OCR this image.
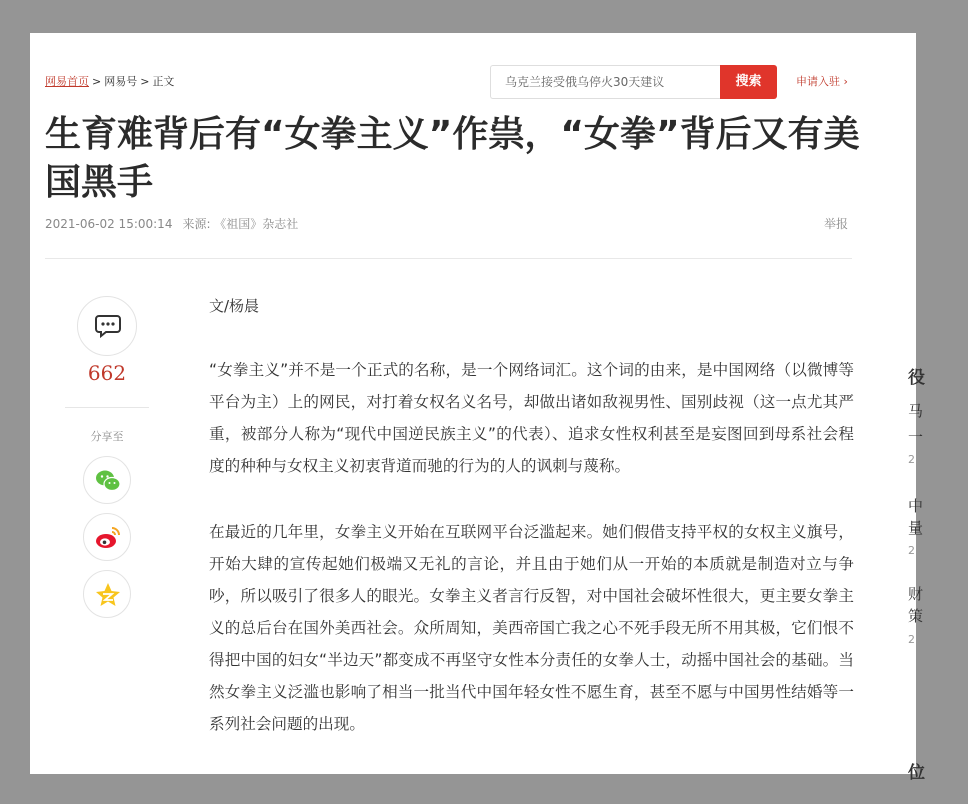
网易首页 > 网易号 > 正文	乌克兰接受俄乌停火30天建议	搜索	申请入驻 ›
生育难背后有“女拳主义”作祟，“女拳”背后又有美国黑手
2021-06-02 15:00:14 来源: 《祖国》杂志社	举报
662
分享至

文/杨晨

“女拳主义”并不是一个正式的名称，是一个网络词汇。这个词的由来，是中国网络（以微博等平台为主）上的网民，对打着女权名义名号，却做出诸如敌视男性、国别歧视（这一点尤其严重，被部分人称为“现代中国逆民族主义”的代表）、追求女性权利甚至是妄图回到母系社会程度的种种与女权主义初衷背道而驰的行为的人的讽刺与蔑称。

在最近的几年里，女拳主义开始在互联网平台泛滥起来。她们假借支持平权的女权主义旗号，开始大肆的宣传起她们极端又无礼的言论，并且由于她们从一开始的本质就是制造对立与争吵，所以吸引了很多人的眼光。女拳主义者言行反智，对中国社会破坏性很大，更主要女拳主义的总后台在国外美西社会。众所周知，美西帝国亡我之心不死手段无所不用其极，它们恨不得把中国的妇女“半边天”都变成不再坚守女性本分责任的女拳人士，动摇中国社会的基础。当然女拳主义泛滥也影响了相当一批当代中国年轻女性不愿生育，甚至不愿与中国男性结婚等一系列社会问题的出现。

役
马
一
2
中
量
2
财
策
2
位
